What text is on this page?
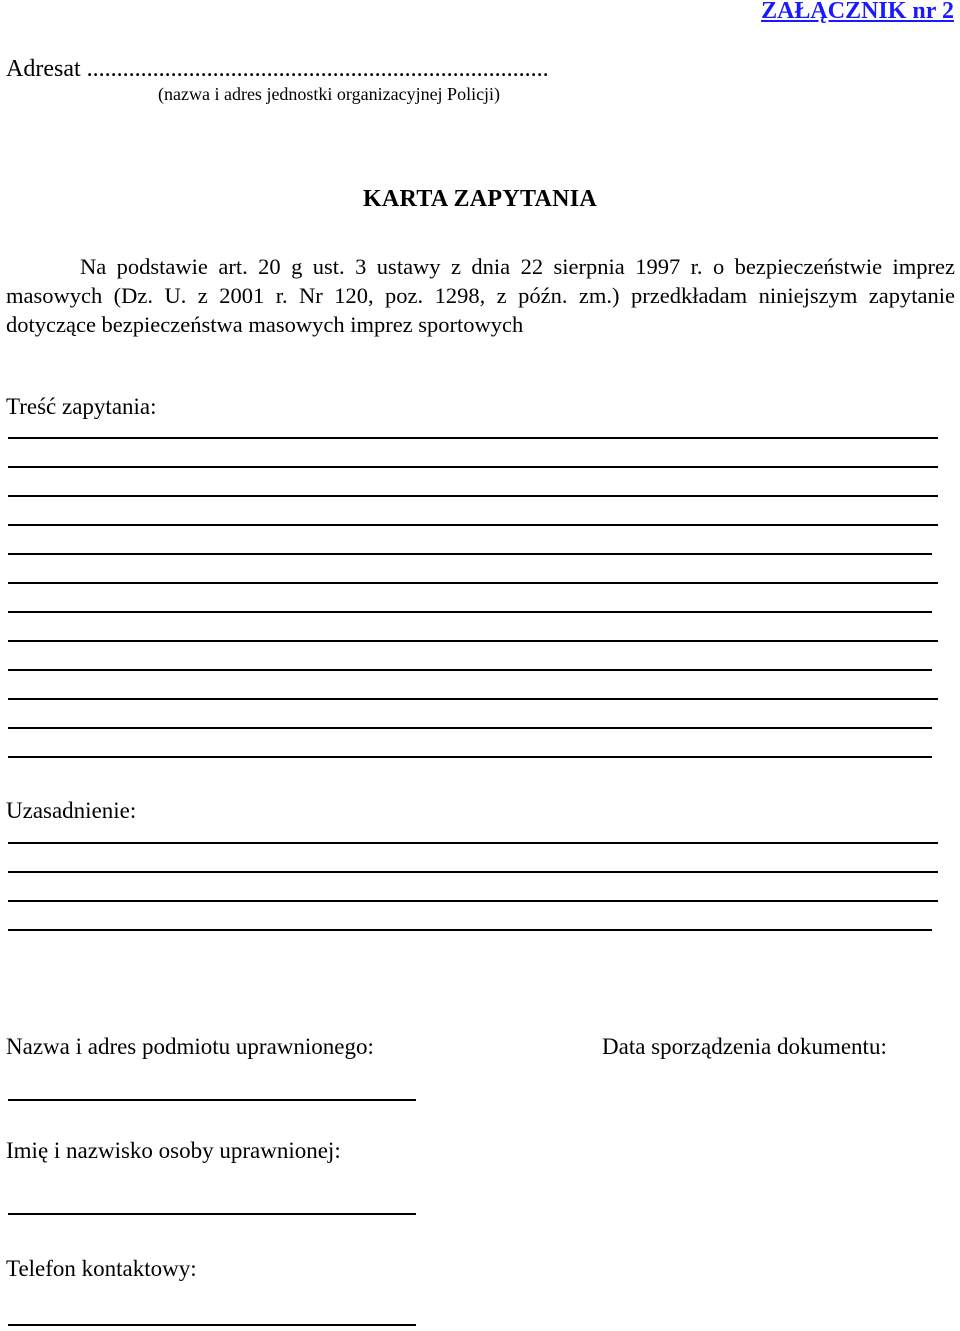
ZAŁĄCZNIK nr 2
Adresat .............................................................................
(nazwa i adres jednostki organizacyjnej Policji)
KARTA ZAPYTANIA
Na podstawie art. 20 g ust. 3 ustawy z dnia 22 sierpnia 1997 r. o bezpieczeństwie imprez masowych (Dz. U. z 2001 r. Nr 120, poz. 1298, z późn. zm.) przedkładam niniejszym zapytanie dotyczące bezpieczeństwa masowych imprez sportowych
Treść zapytania:
Uzasadnienie:
Nazwa i adres podmiotu uprawnionego:	Data sporządzenia dokumentu:
Imię i nazwisko osoby uprawnionej:
Telefon kontaktowy:
